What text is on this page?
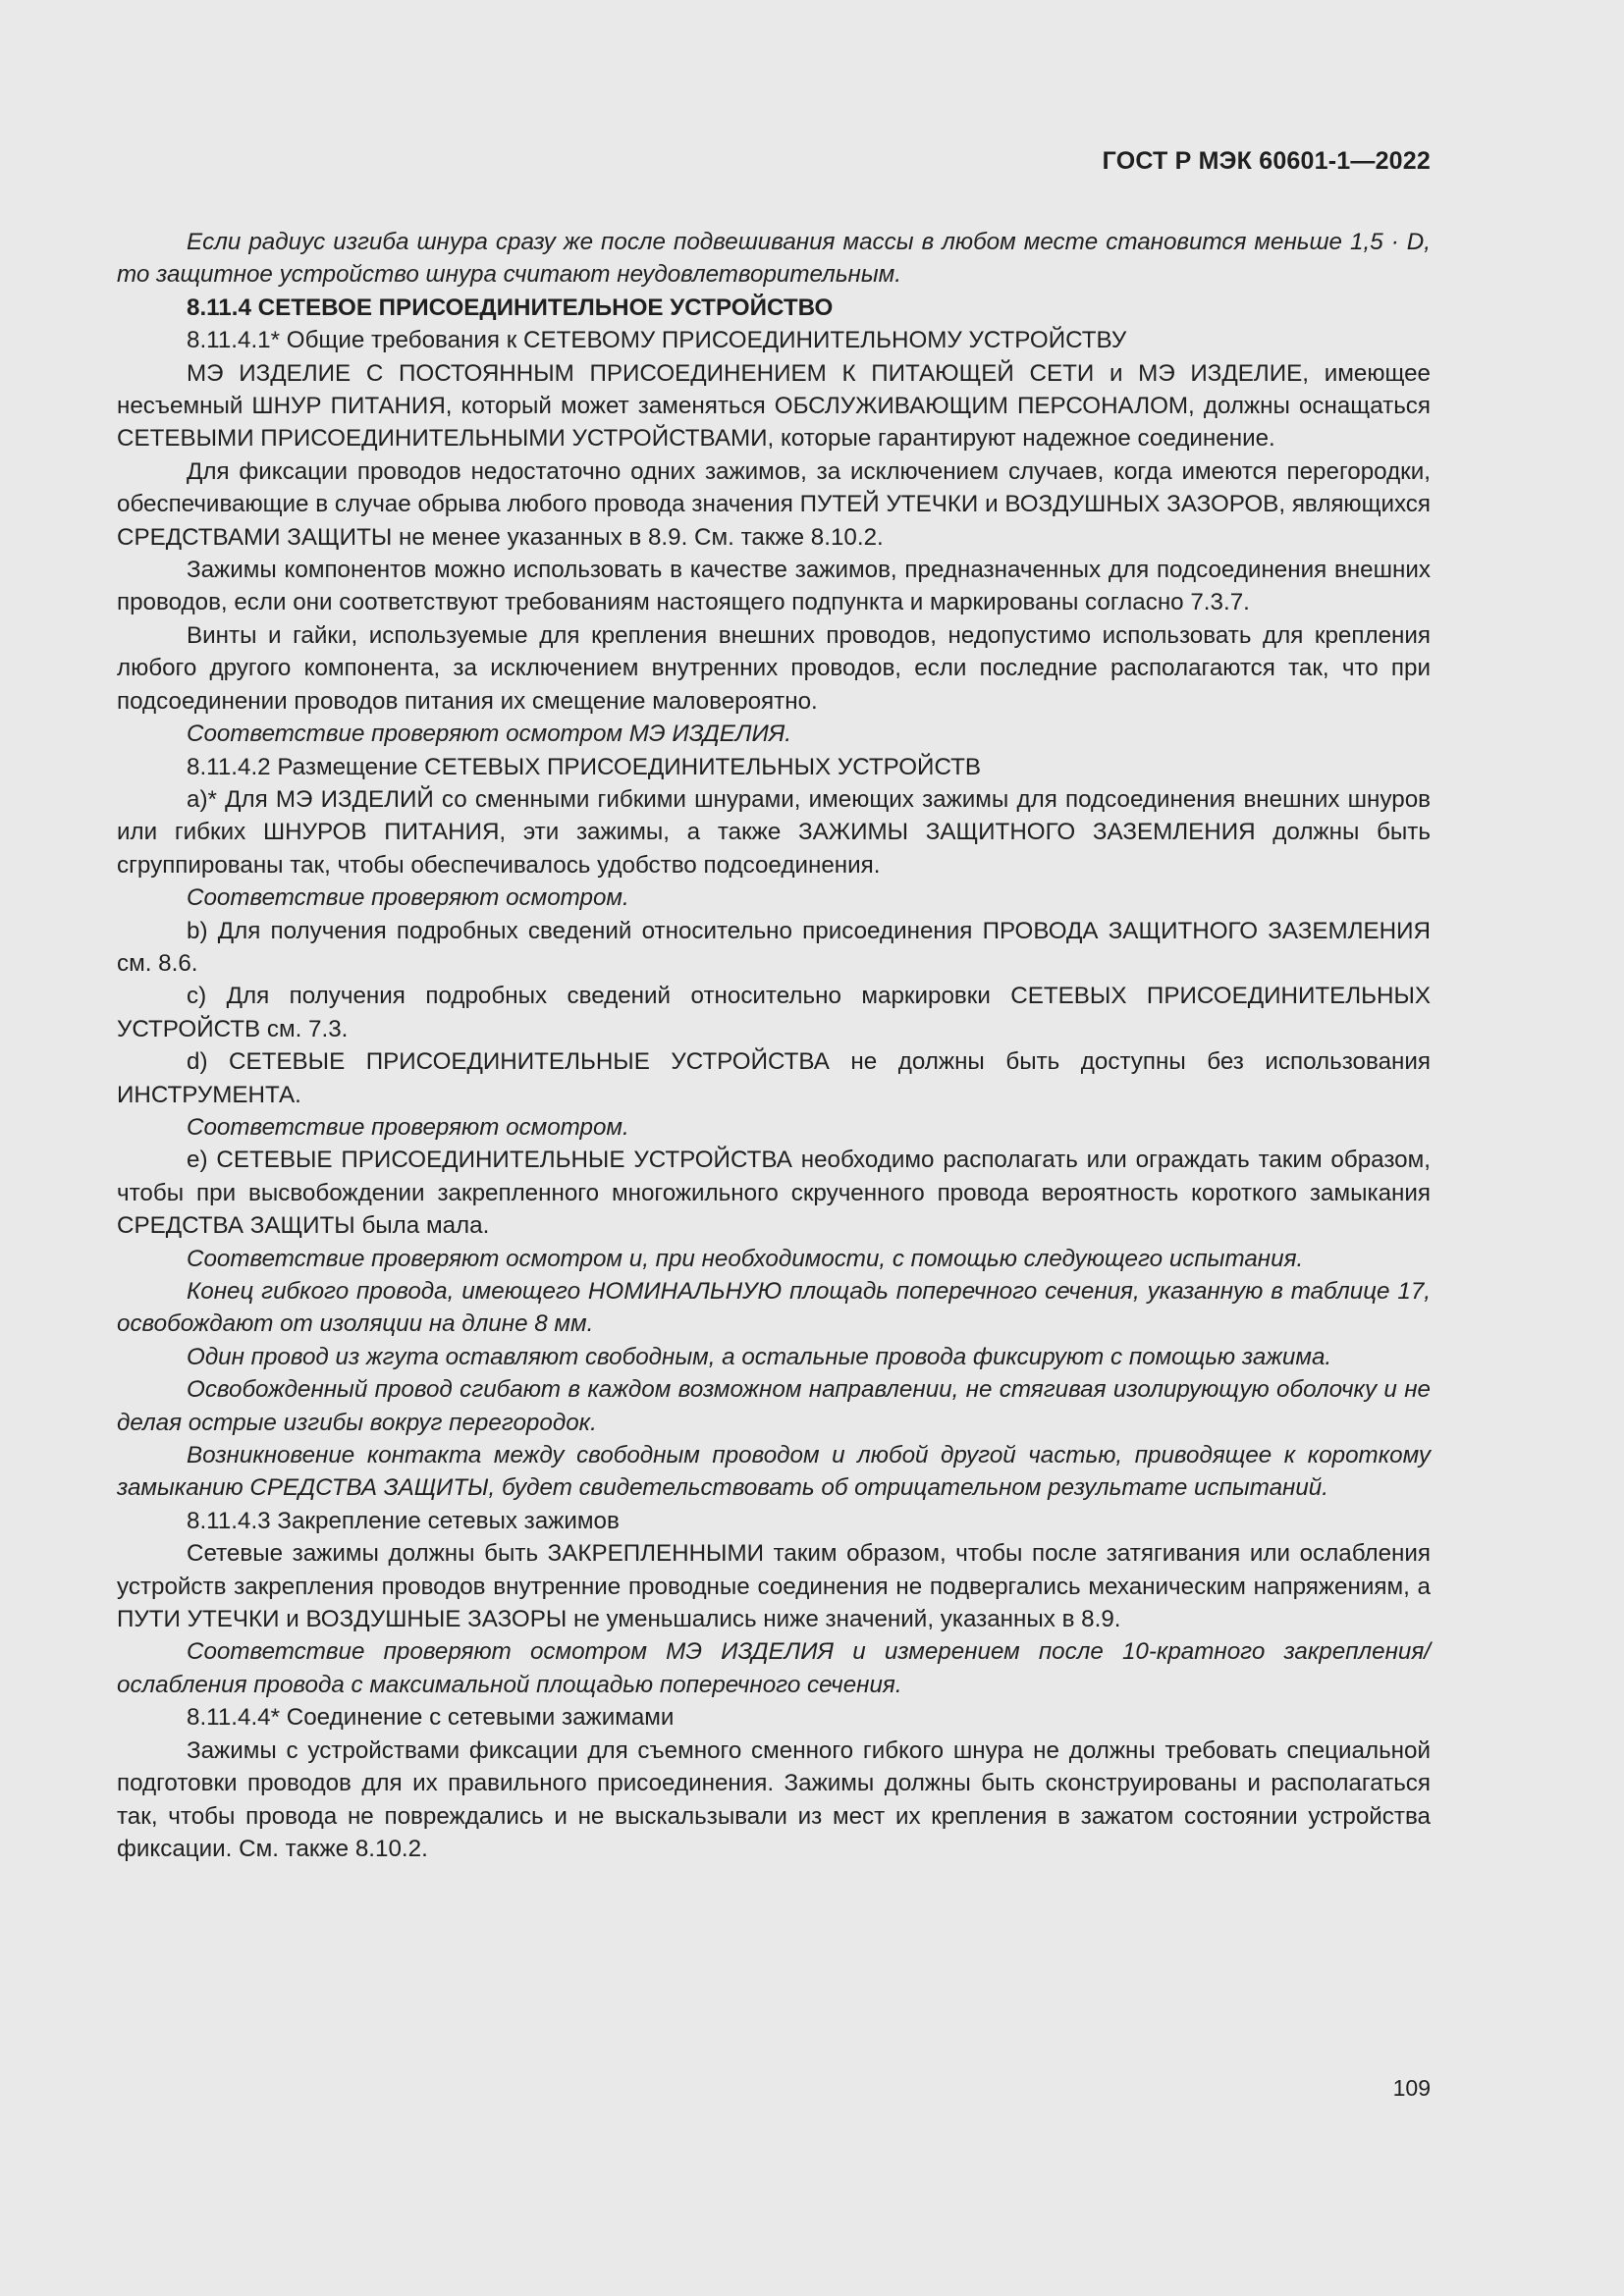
ГОСТ Р МЭК 60601-1—2022

Если радиус изгиба шнура сразу же после подвешивания массы в любом месте становится меньше 1,5 · D, то защитное устройство шнура считают неудовлетворительным.

8.11.4 СЕТЕВОЕ ПРИСОЕДИНИТЕЛЬНОЕ УСТРОЙСТВО

8.11.4.1* Общие требования к СЕТЕВОМУ ПРИСОЕДИНИТЕЛЬНОМУ УСТРОЙСТВУ

МЭ ИЗДЕЛИЕ С ПОСТОЯННЫМ ПРИСОЕДИНЕНИЕМ К ПИТАЮЩЕЙ СЕТИ и МЭ ИЗДЕЛИЕ, имеющее несъемный ШНУР ПИТАНИЯ, который может заменяться ОБСЛУЖИВАЮЩИМ ПЕРСОНАЛОМ, должны оснащаться СЕТЕВЫМИ ПРИСОЕДИНИТЕЛЬНЫМИ УСТРОЙСТВАМИ, которые гарантируют надежное соединение.

Для фиксации проводов недостаточно одних зажимов, за исключением случаев, когда имеются перегородки, обеспечивающие в случае обрыва любого провода значения ПУТЕЙ УТЕЧКИ и ВОЗДУШНЫХ ЗАЗОРОВ, являющихся СРЕДСТВАМИ ЗАЩИТЫ не менее указанных в 8.9. См. также 8.10.2.

Зажимы компонентов можно использовать в качестве зажимов, предназначенных для подсоединения внешних проводов, если они соответствуют требованиям настоящего подпункта и маркированы согласно 7.3.7.

Винты и гайки, используемые для крепления внешних проводов, недопустимо использовать для крепления любого другого компонента, за исключением внутренних проводов, если последние располагаются так, что при подсоединении проводов питания их смещение маловероятно.

Соответствие проверяют осмотром МЭ ИЗДЕЛИЯ.

8.11.4.2 Размещение СЕТЕВЫХ ПРИСОЕДИНИТЕЛЬНЫХ УСТРОЙСТВ

a)* Для МЭ ИЗДЕЛИЙ со сменными гибкими шнурами, имеющих зажимы для подсоединения внешних шнуров или гибких ШНУРОВ ПИТАНИЯ, эти зажимы, а также ЗАЖИМЫ ЗАЩИТНОГО ЗАЗЕМЛЕНИЯ должны быть сгруппированы так, чтобы обеспечивалось удобство подсоединения.

Соответствие проверяют осмотром.

b) Для получения подробных сведений относительно присоединения ПРОВОДА ЗАЩИТНОГО ЗАЗЕМЛЕНИЯ см. 8.6.

c) Для получения подробных сведений относительно маркировки СЕТЕВЫХ ПРИСОЕДИНИТЕЛЬНЫХ УСТРОЙСТВ см. 7.3.

d) СЕТЕВЫЕ ПРИСОЕДИНИТЕЛЬНЫЕ УСТРОЙСТВА не должны быть доступны без использования ИНСТРУМЕНТА.

Соответствие проверяют осмотром.

e) СЕТЕВЫЕ ПРИСОЕДИНИТЕЛЬНЫЕ УСТРОЙСТВА необходимо располагать или ограждать таким образом, чтобы при высвобождении закрепленного многожильного скрученного провода вероятность короткого замыкания СРЕДСТВА ЗАЩИТЫ была мала.

Соответствие проверяют осмотром и, при необходимости, с помощью следующего испытания.

Конец гибкого провода, имеющего НОМИНАЛЬНУЮ площадь поперечного сечения, указанную в таблице 17, освобождают от изоляции на длине 8 мм.

Один провод из жгута оставляют свободным, а остальные провода фиксируют с помощью зажима.

Освобожденный провод сгибают в каждом возможном направлении, не стягивая изолирующую оболочку и не делая острые изгибы вокруг перегородок.

Возникновение контакта между свободным проводом и любой другой частью, приводящее к короткому замыканию СРЕДСТВА ЗАЩИТЫ, будет свидетельствовать об отрицательном результате испытаний.

8.11.4.3 Закрепление сетевых зажимов

Сетевые зажимы должны быть ЗАКРЕПЛЕННЫМИ таким образом, чтобы после затягивания или ослабления устройств закрепления проводов внутренние проводные соединения не подвергались механическим напряжениям, а ПУТИ УТЕЧКИ и ВОЗДУШНЫЕ ЗАЗОРЫ не уменьшались ниже значений, указанных в 8.9.

Соответствие проверяют осмотром МЭ ИЗДЕЛИЯ и измерением после 10-кратного закрепления/ослабления провода с максимальной площадью поперечного сечения.

8.11.4.4* Соединение с сетевыми зажимами

Зажимы с устройствами фиксации для съемного сменного гибкого шнура не должны требовать специальной подготовки проводов для их правильного присоединения. Зажимы должны быть сконструированы и располагаться так, чтобы провода не повреждались и не выскальзывали из мест их крепления в зажатом состоянии устройства фиксации. См. также 8.10.2.

109
